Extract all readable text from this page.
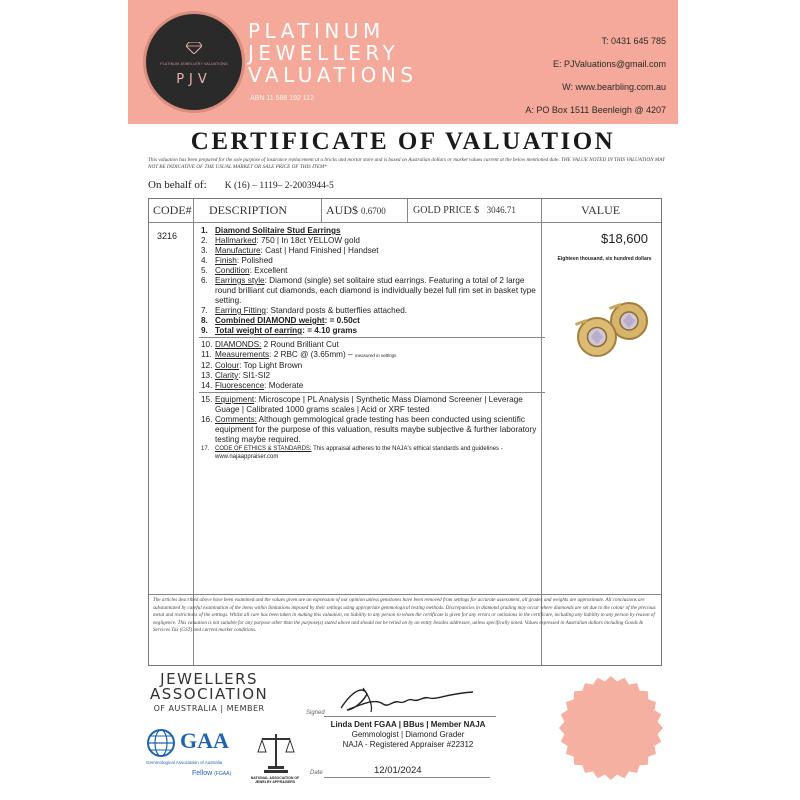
PLATINUM JEWELLERY VALUATIONS
PJV
PLATINUM
JEWELLERY
VALUATIONS
ABN 11 588 192 112
T: 0431 645 785
E: PJValuations@gmail.com
W: www.bearbling.com.au
A: PO Box 1511 Beenleigh @ 4207
CERTIFICATE OF VALUATION
This valuation has been prepared for the sole purpose of insurance replacement at a bricks and mortar store and is based on Australian dollars or market values current at the below mentioned date. THE VALUE NOTED IN THIS VALUATION MAY NOT BE INDICATIVE OF THE USUAL MARKET OR SALE PRICE OF THIS ITEM*
On behalf of: K (16) – 1119– 2-2003944-5
CODE# DESCRIPTION	AUD$ 0.6700	GOLD PRICE $ 3046.71	VALUE
3216
1. Diamond Solitaire Stud Earrings
2. Hallmarked: 750 | In 18ct YELLOW gold
3. Manufacture: Cast | Hand Finished | Handset
4. Finish: Polished
5. Condition: Excellent
6. Earrings style: Diamond (single) set solitaire stud earrings. Featuring a total of 2 large round brilliant cut diamonds, each diamond is individually bezel full rim set in basket type setting.
7. Earring Fitting: Standard posts & butterflies attached.
8. Combined DIAMOND weight: = 0.50ct
9. Total weight of earring: = 4.10 grams
10. DIAMONDS: 2 Round Brilliant Cut
11. Measurements: 2 RBC @ (3.65mm) – measured in settings
12. Colour: Top Light Brown
13. Clarity: SI1-SI2
14. Fluorescence: Moderate
15. Equipment: Microscope | PL Analysis | Synthetic Mass Diamond Screener | Leverage Guage | Calibrated 1000 grams scales | Acid or XRF tested
16. Comments: Although gemmological grade testing has been conducted using scientific equipment for the purpose of this valuation, results maybe subjective & further laboratory testing maybe required.
17. CODE OF ETHICS & STANDARDS: This appraisal adheres to the NAJA's ethical standards and guidelines - www.najaappraiser.com
$18,600
Eighteen thousand, six hundred dollars
The articles described above have been examined and the values given are an expression of our opinion unless gemstones have been removed from settings for accurate assessment, all grades and weights are approximate. All conclusions are substantiated by careful examination of the items within limitations imposed by their settings using appropriate gemmological testing methods. Discrepancies in diamond grading may occur where diamonds are set due to the colour of the precious metal and restrictions of the settings. Whilst all care has been taken in making this valuation, no liability to any person to whom the certificate is given for any errors or omissions in the certificate, including any liability to any person by reason of negligence. This valuation is not suitable for any purpose other than the purpose(s) stated above and should not be relied on by an entity besides addressee, unless specifically noted. Values expressed in Australian dollars including Goods & Services Tax (GST) and current market conditions.
JEWELLERS
ASSOCIATION
OF AUSTRALIA | MEMBER
GAA
Gemmological Association of Australia
Fellow (FGAA)
NATIONAL ASSOCIATION OF JEWELRY APPRAISERS
Signed
Linda Dent FGAA | BBus | Member NAJA
Gemmologist | Diamond Grader
NAJA - Registered Appraiser #22312
Date	12/01/2024
